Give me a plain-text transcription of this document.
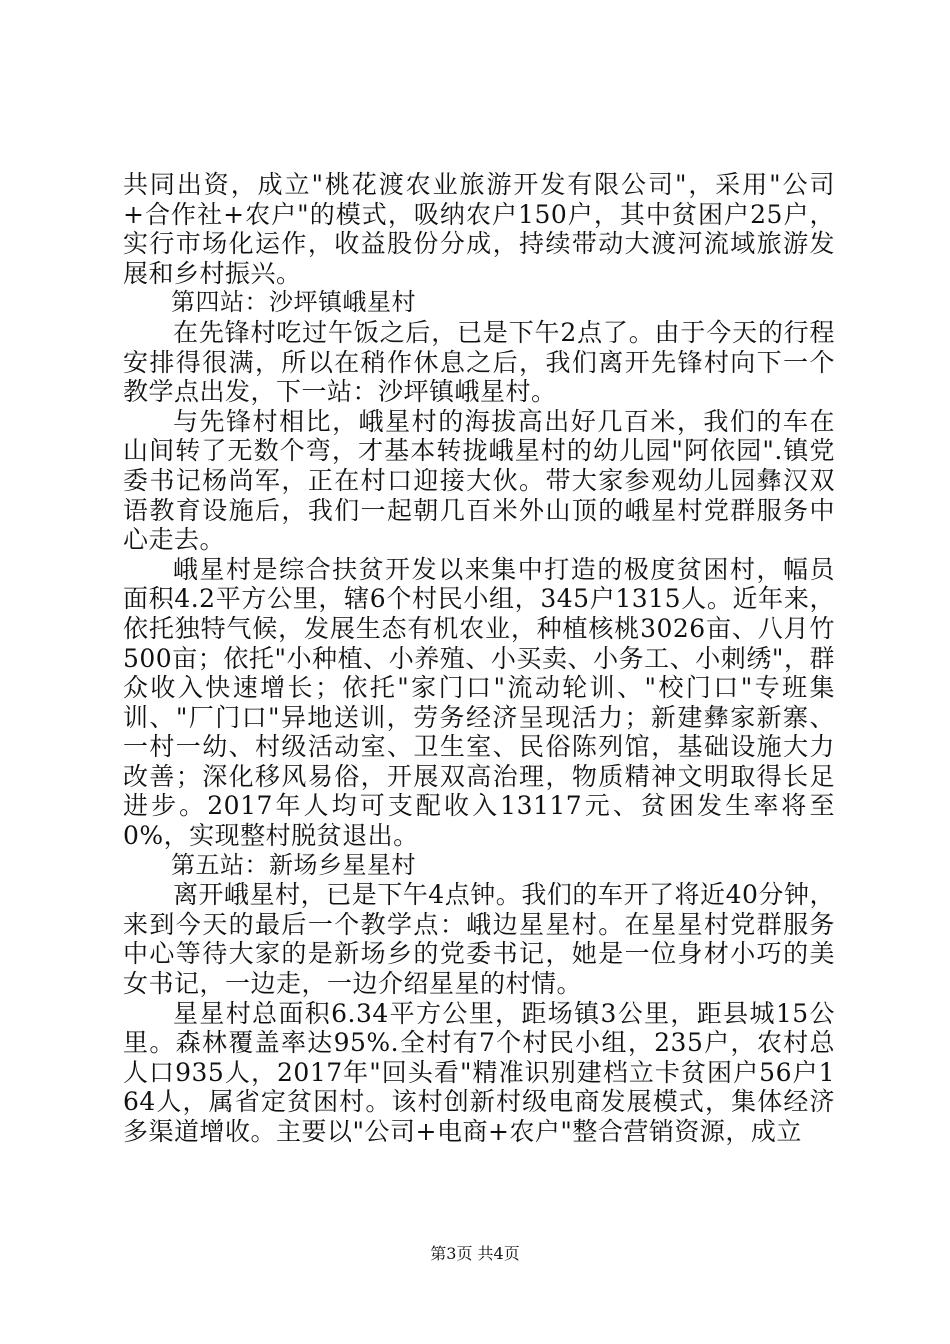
共同出资，成立"桃花渡农业旅游开发有限公司"，采用"公司+合作社+农户"的模式，吸纳农户150户，其中贫困户25户，实行市场化运作，收益股份分成，持续带动大渡河流域旅游发展和乡村振兴。

第四站：沙坪镇峨星村

在先锋村吃过午饭之后，已是下午2点了。由于今天的行程安排得很满，所以在稍作休息之后，我们离开先锋村向下一个教学点出发，下一站：沙坪镇峨星村。

与先锋村相比，峨星村的海拔高出好几百米，我们的车在山间转了无数个弯，才基本转拢峨星村的幼儿园"阿依园".镇党委书记杨尚军，正在村口迎接大伙。带大家参观幼儿园彝汉双语教育设施后，我们一起朝几百米外山顶的峨星村党群服务中心走去。

峨星村是综合扶贫开发以来集中打造的极度贫困村，幅员面积4.2平方公里，辖6个村民小组，345户1315人。近年来，依托独特气候，发展生态有机农业，种植核桃3026亩、八月竹500亩；依托"小种植、小养殖、小买卖、小务工、小刺绣"，群众收入快速增长；依托"家门口"流动轮训、"校门口"专班集训、"厂门口"异地送训，劳务经济呈现活力；新建彝家新寨、一村一幼、村级活动室、卫生室、民俗陈列馆，基础设施大力改善；深化移风易俗，开展双高治理，物质精神文明取得长足进步。2017年人均可支配收入13117元、贫困发生率将至0%，实现整村脱贫退出。

第五站：新场乡星星村

离开峨星村，已是下午4点钟。我们的车开了将近40分钟，来到今天的最后一个教学点：峨边星星村。在星星村党群服务中心等待大家的是新场乡的党委书记，她是一位身材小巧的美女书记，一边走，一边介绍星星的村情。

星星村总面积6.34平方公里，距场镇3公里，距县城15公里。森林覆盖率达95%.全村有7个村民小组，235户，农村总人口935人，2017年"回头看"精准识别建档立卡贫困户56户164人，属省定贫困村。该村创新村级电商发展模式，集体经济多渠道增收。主要以"公司+电商+农户"整合营销资源，成立

第3页 共4页
